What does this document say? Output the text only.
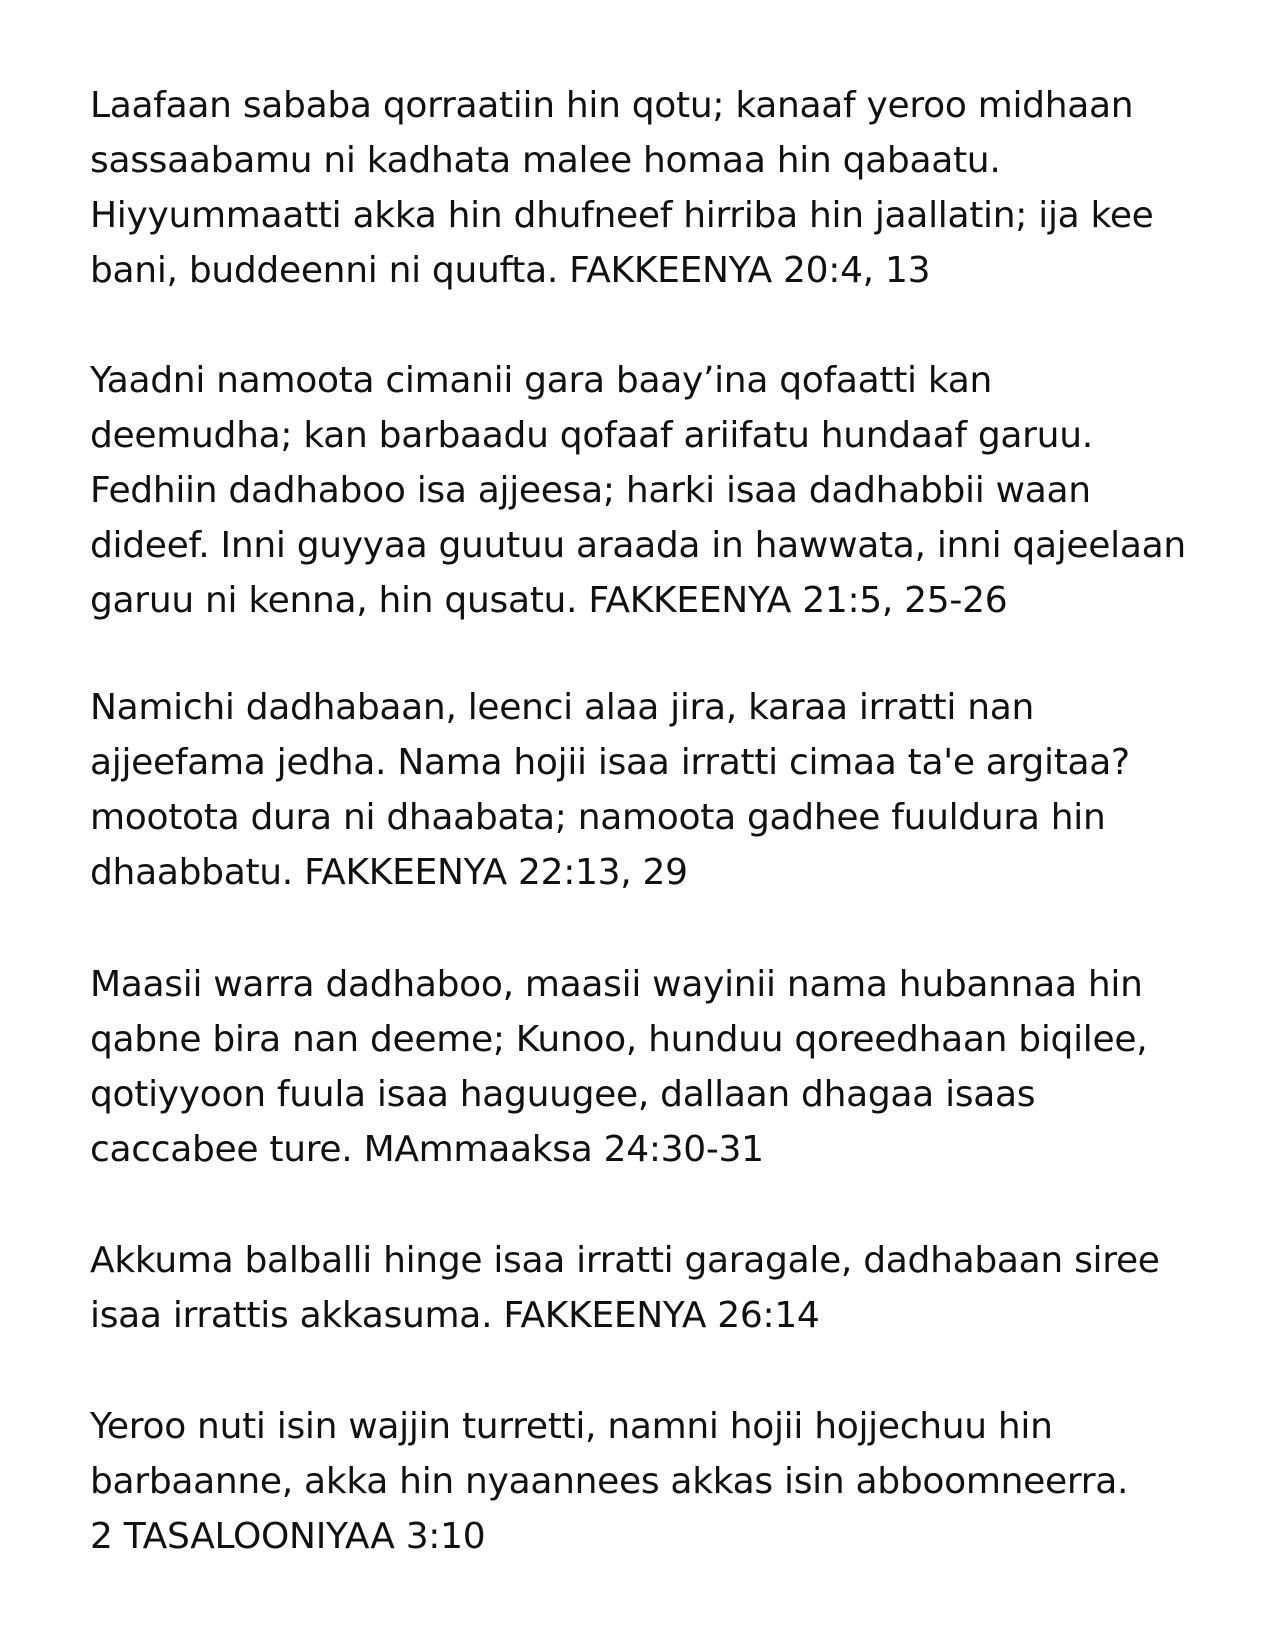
Laafaan sababa qorraatiin hin qotu; kanaaf yeroo midhaan
sassaabamu ni kadhata malee homaa hin qabaatu.
Hiyyummaatti akka hin dhufneef hirriba hin jaallatin; ija kee
bani, buddeenni ni quufta. FAKKEENYA 20:4, 13

Yaadni namoota cimanii gara baay’ina qofaatti kan
deemudha; kan barbaadu qofaaf ariifatu hundaaf garuu.
Fedhiin dadhaboo isa ajjeesa; harki isaa dadhabbii waan
dideef. Inni guyyaa guutuu araada in hawwata, inni qajeelaan
garuu ni kenna, hin qusatu. FAKKEENYA 21:5, 25-26

Namichi dadhabaan, leenci alaa jira, karaa irratti nan
ajjeefama jedha. Nama hojii isaa irratti cimaa ta'e argitaa?
mootota dura ni dhaabata; namoota gadhee fuuldura hin
dhaabbatu. FAKKEENYA 22:13, 29

Maasii warra dadhaboo, maasii wayinii nama hubannaa hin
qabne bira nan deeme; Kunoo, hunduu qoreedhaan biqilee,
qotiyyoon fuula isaa haguugee, dallaan dhagaa isaas
caccabee ture. MAmmaaksa 24:30-31

Akkuma balballi hinge isaa irratti garagale, dadhabaan siree
isaa irrattis akkasuma. FAKKEENYA 26:14

Yeroo nuti isin wajjin turretti, namni hojii hojjechuu hin
barbaanne, akka hin nyaannees akkas isin abboomneerra.
2 TASALOONIYAA 3:10
